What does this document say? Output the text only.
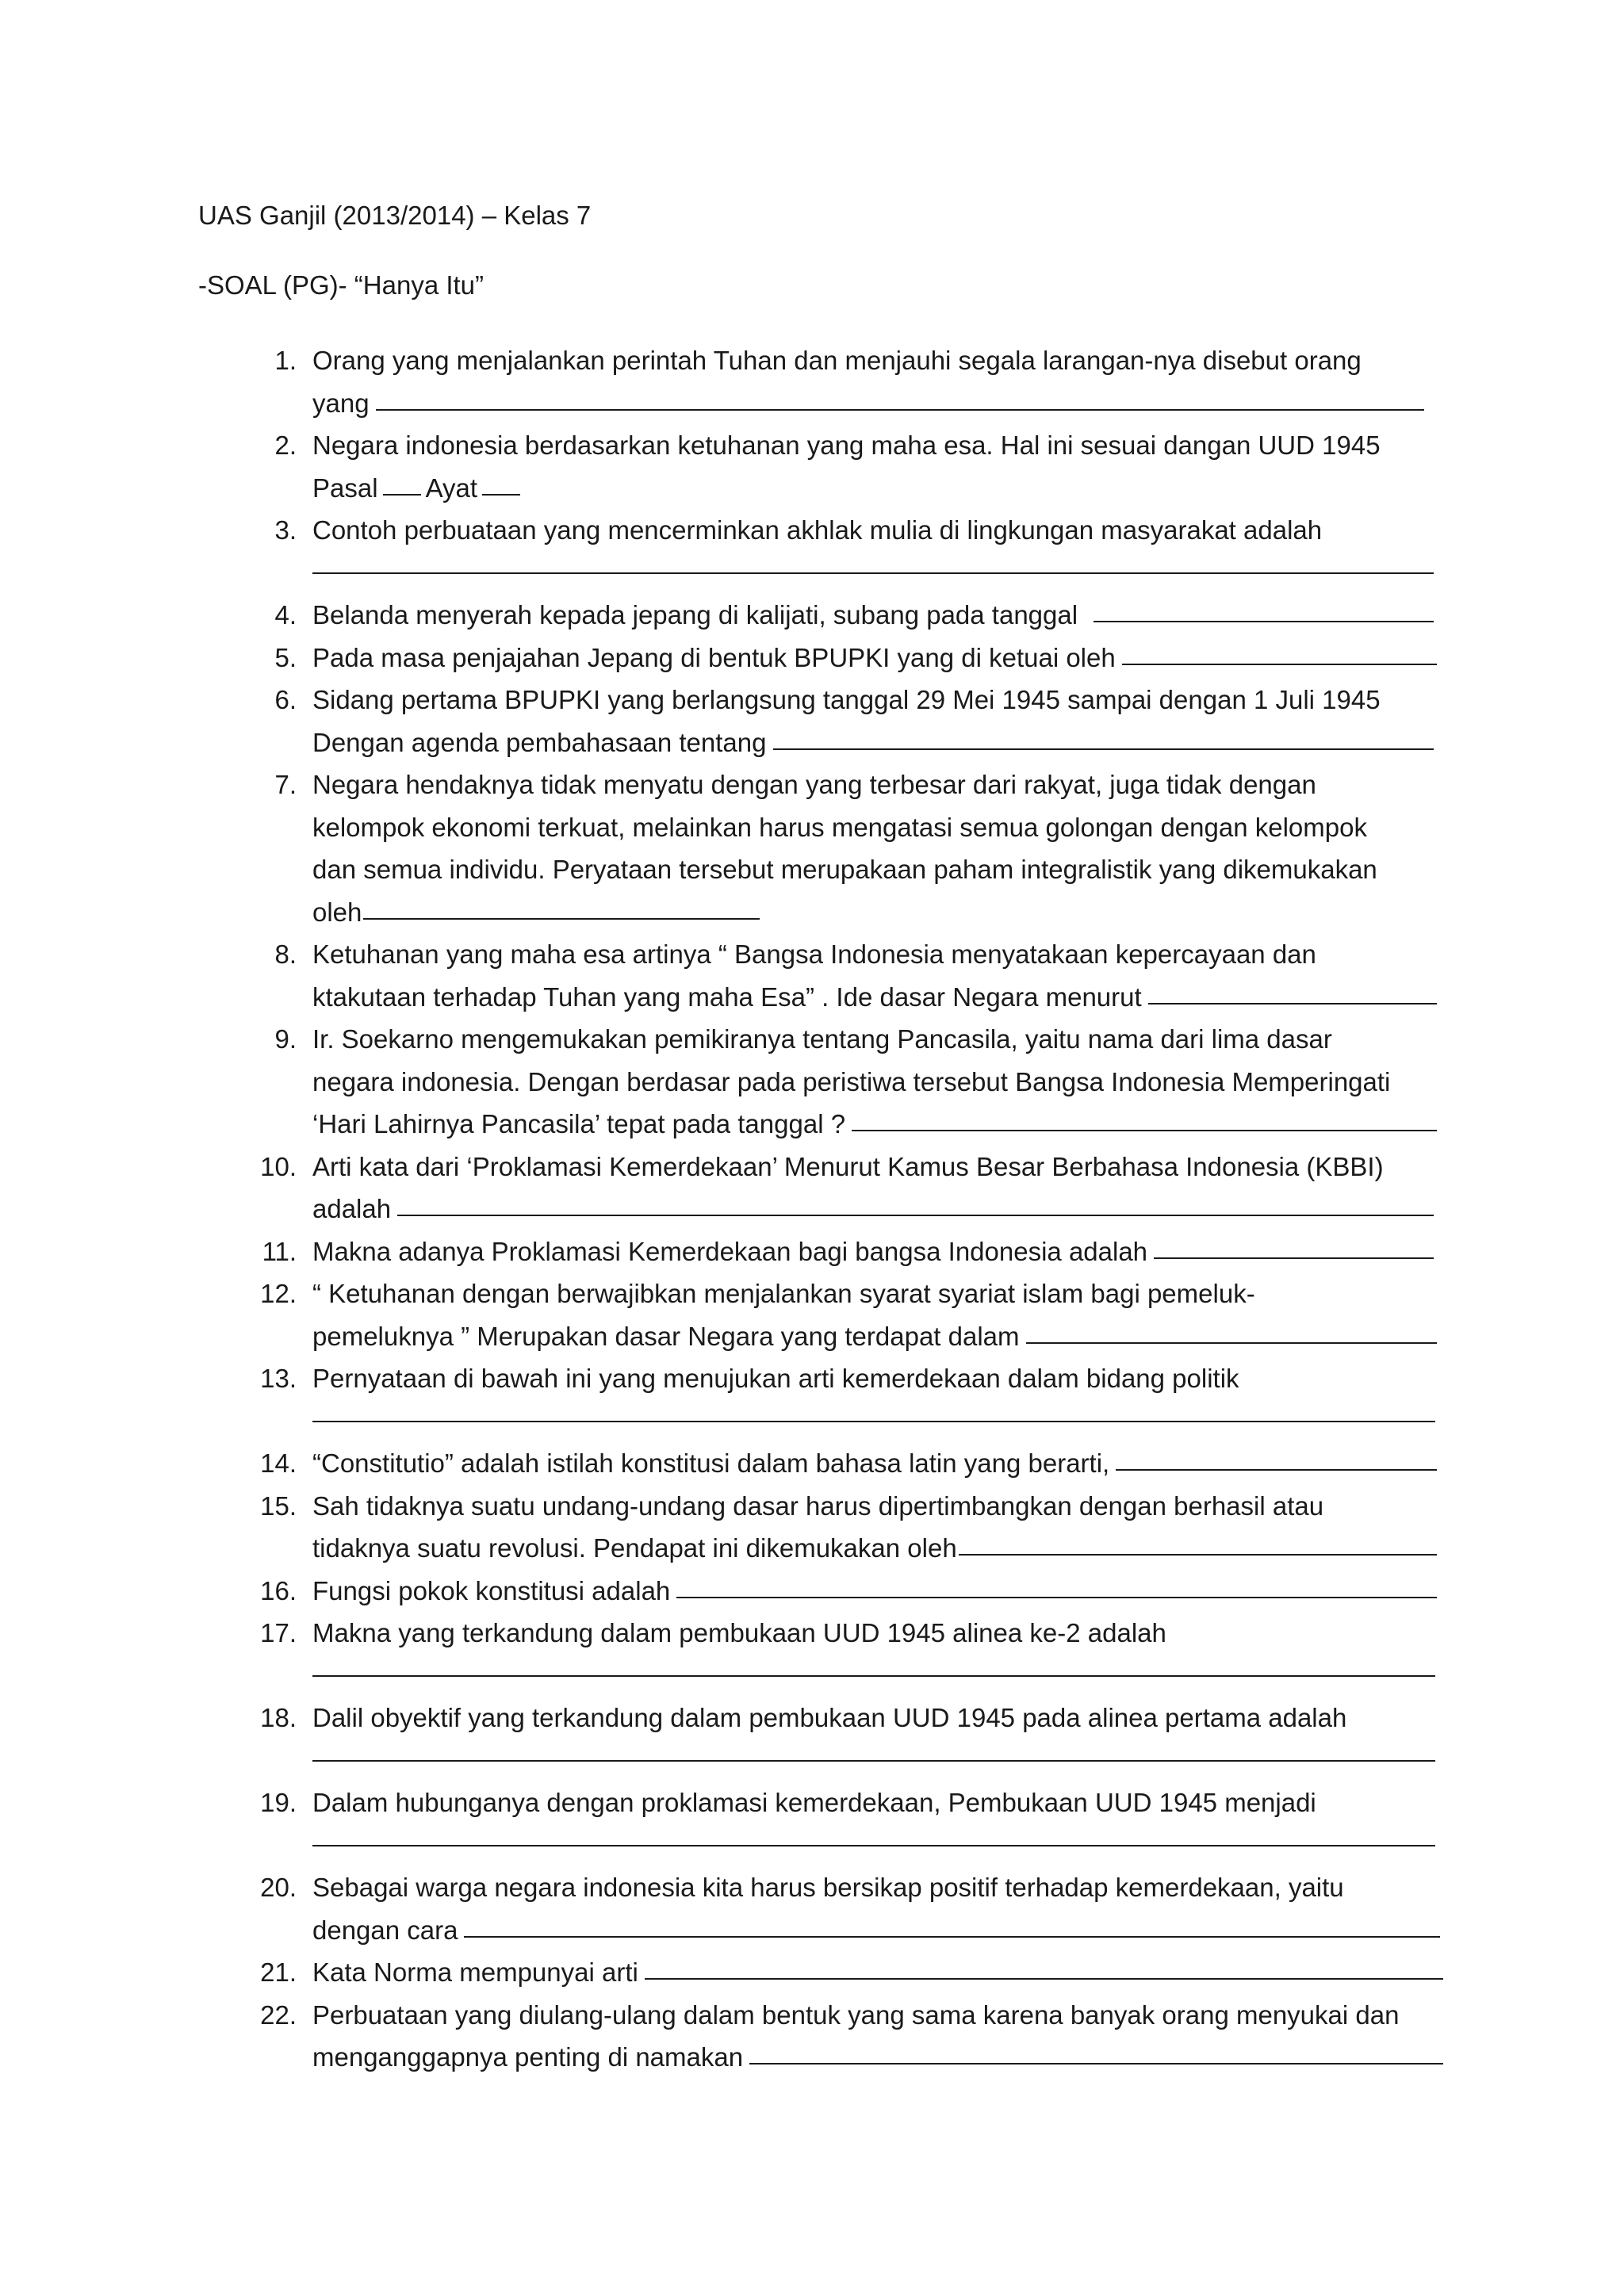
UAS Ganjil (2013/2014) – Kelas 7
-SOAL (PG)- “Hanya Itu”
1. Orang yang menjalankan perintah Tuhan dan menjauhi segala larangan-nya disebut orang
yang
2. Negara indonesia berdasarkan ketuhanan yang maha esa. Hal ini sesuai dangan UUD 1945
Pasal Ayat
3. Contoh perbuataan yang mencerminkan akhlak mulia di lingkungan masyarakat adalah
4. Belanda menyerah kepada jepang di kalijati, subang pada tanggal
5. Pada masa penjajahan Jepang di bentuk BPUPKI yang di ketuai oleh
6. Sidang pertama BPUPKI yang berlangsung tanggal 29 Mei 1945 sampai dengan 1 Juli 1945
Dengan agenda pembahasaan tentang
7. Negara hendaknya tidak menyatu dengan yang terbesar dari rakyat, juga tidak dengan
kelompok ekonomi terkuat, melainkan harus mengatasi semua golongan dengan kelompok
dan semua individu. Peryataan tersebut merupakaan paham integralistik yang dikemukakan
oleh
8. Ketuhanan yang maha esa artinya “ Bangsa Indonesia menyatakaan kepercayaan dan
ktakutaan terhadap Tuhan yang maha Esa” . Ide dasar Negara menurut
9. Ir. Soekarno mengemukakan pemikiranya tentang Pancasila, yaitu nama dari lima dasar
negara indonesia. Dengan berdasar pada peristiwa tersebut Bangsa Indonesia Memperingati
‘Hari Lahirnya Pancasila’ tepat pada tanggal ?
10. Arti kata dari ‘Proklamasi Kemerdekaan’ Menurut Kamus Besar Berbahasa Indonesia (KBBI)
adalah
11. Makna adanya Proklamasi Kemerdekaan bagi bangsa Indonesia adalah
12. “ Ketuhanan dengan berwajibkan menjalankan syarat syariat islam bagi pemeluk-
pemeluknya ” Merupakan dasar Negara yang terdapat dalam
13. Pernyataan di bawah ini yang menujukan arti kemerdekaan dalam bidang politik
14. “Constitutio” adalah istilah konstitusi dalam bahasa latin yang berarti,
15. Sah tidaknya suatu undang-undang dasar harus dipertimbangkan dengan berhasil atau
tidaknya suatu revolusi. Pendapat ini dikemukakan oleh
16. Fungsi pokok konstitusi adalah
17. Makna yang terkandung dalam pembukaan UUD 1945 alinea ke-2 adalah
18. Dalil obyektif yang terkandung dalam pembukaan UUD 1945 pada alinea pertama adalah
19. Dalam hubunganya dengan proklamasi kemerdekaan, Pembukaan UUD 1945 menjadi
20. Sebagai warga negara indonesia kita harus bersikap positif terhadap kemerdekaan, yaitu
dengan cara
21. Kata Norma mempunyai arti
22. Perbuataan yang diulang-ulang dalam bentuk yang sama karena banyak orang menyukai dan
menganggapnya penting di namakan
